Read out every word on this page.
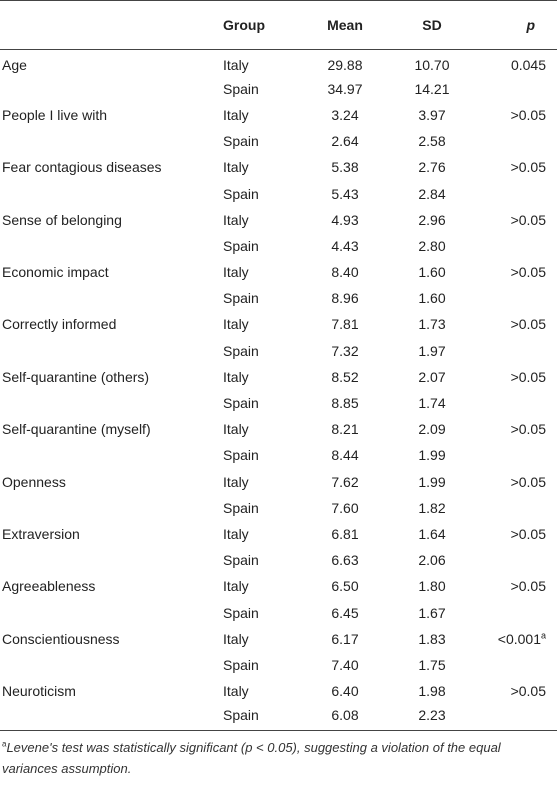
	Group	Mean	SD	p
Age	Italy	29.88	10.70	0.045
	Spain	34.97	14.21	
People I live with	Italy	3.24	3.97	>0.05
	Spain	2.64	2.58	
Fear contagious diseases	Italy	5.38	2.76	>0.05
	Spain	5.43	2.84	
Sense of belonging	Italy	4.93	2.96	>0.05
	Spain	4.43	2.80	
Economic impact	Italy	8.40	1.60	>0.05
	Spain	8.96	1.60	
Correctly informed	Italy	7.81	1.73	>0.05
	Spain	7.32	1.97	
Self-quarantine (others)	Italy	8.52	2.07	>0.05
	Spain	8.85	1.74	
Self-quarantine (myself)	Italy	8.21	2.09	>0.05
	Spain	8.44	1.99	
Openness	Italy	7.62	1.99	>0.05
	Spain	7.60	1.82	
Extraversion	Italy	6.81	1.64	>0.05
	Spain	6.63	2.06	
Agreeableness	Italy	6.50	1.80	>0.05
	Spain	6.45	1.67	
Conscientiousness	Italy	6.17	1.83	<0.001$^a$
	Spain	7.40	1.75	
Neuroticism	Italy	6.40	1.98	>0.05
	Spain	6.08	2.23	
$^a$Levene's test was statistically significant (p < 0.05), suggesting a violation of the equal variances assumption.
